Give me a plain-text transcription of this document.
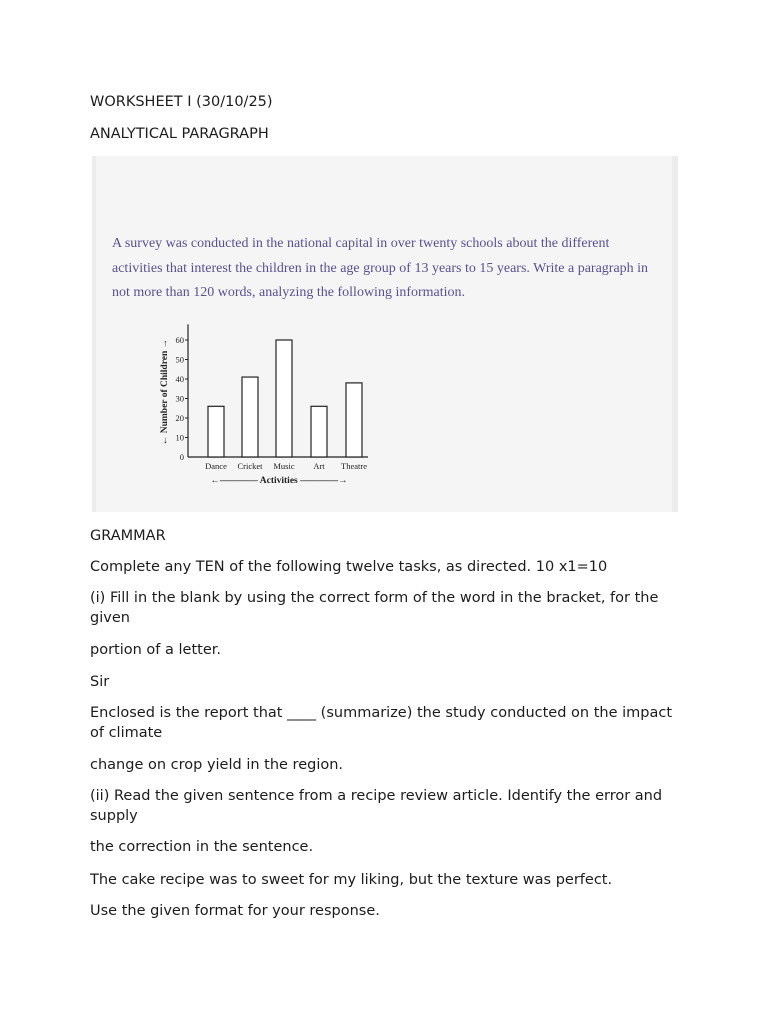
WORKSHEET I (30/10/25)

ANALYTICAL PARAGRAPH

A survey was conducted in the national capital in over twenty schools about the different activities that interest the children in the age group of 13 years to 15 years. Write a paragraph in not more than 120 words, analyzing the following information.
0
10
20
30
40
50
60
Dance Cricket Music Art Theatre
←———— Activities ————→
← Number of Children →

GRAMMAR

Complete any TEN of the following twelve tasks, as directed. 10 x1=10

(i) Fill in the blank by using the correct form of the word in the bracket, for the given

portion of a letter.

Sir

Enclosed is the report that ____ (summarize) the study conducted on the impact of climate

change on crop yield in the region.

(ii) Read the given sentence from a recipe review article. Identify the error and supply

the correction in the sentence.

The cake recipe was to sweet for my liking, but the texture was perfect.

Use the given format for your response.
